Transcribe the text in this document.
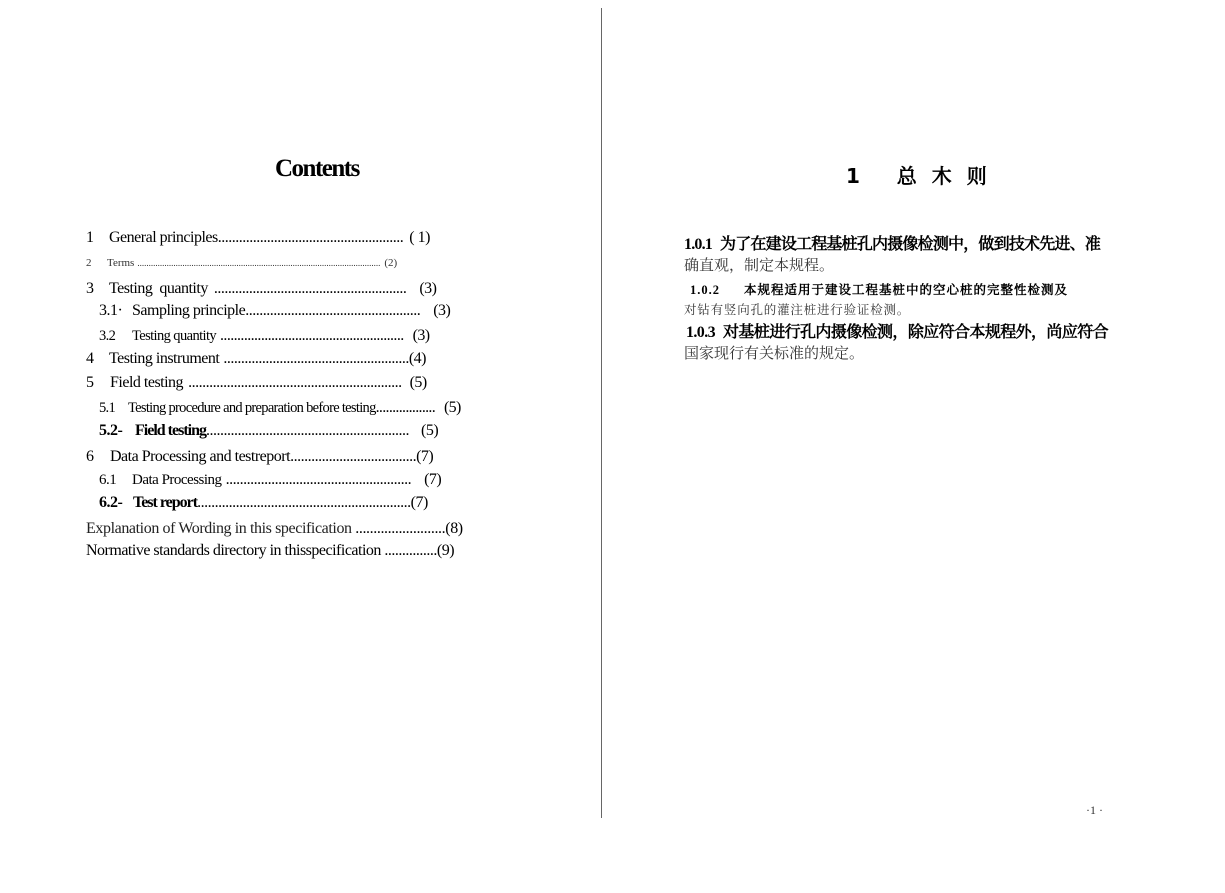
Contents
1 General principles ..................................................... ( 1)
2	Terms ............................................................................................................ (2)
3 Testing  quantity ....................................................... (3)
3.1· Sampling principle .................................................. (3)
3.2	Testing quantity ...................................................... (3)
4 Testing instrument ..................................................... (4)
5	Field testing ............................................................. (5)
5.1 Testing procedure and preparation before testing .................. (5)
5.2- Field testing .......................................................... (5)
6	Data Processing and testreport .................................... (7)
6.1	Data Processing ..................................................... (7)
6.2- Test report ............................................................. (7)
Explanation of Wording in this specification ......................... (8)
Normative standards directory in thisspecification ............... (9)
1   总 木 则
1.0.1 为了在建设工程基桩孔内摄像检测中，做到技术先进、准
确直观，制定本规程。
1.0.2 本规程适用于建设工程基桩中的空心桩的完整性检测及
对钻有竖向孔的灌注桩进行验证检测。
1.0.3 对基桩进行孔内摄像检测，除应符合本规程外，尚应符合
国家现行有关标准的规定。
·1 ·
